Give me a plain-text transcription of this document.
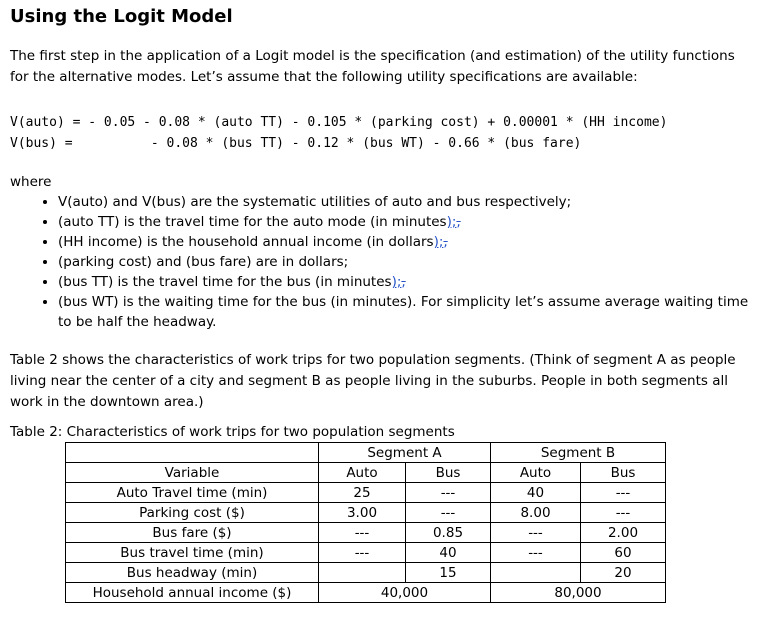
Using the Logit Model

The first step in the application of a Logit model is the specification (and estimation) of the utility functions for the alternative modes. Let’s assume that the following utility specifications are available:

V(auto) = - 0.05 - 0.08 * (auto TT) - 0.105 * (parking cost) + 0.00001 * (HH income)
V(bus) =          - 0.08 * (bus TT) - 0.12 * (bus WT) - 0.66 * (bus fare)
where
• V(auto) and V(bus) are the systematic utilities of auto and bus respectively;
• (auto TT) is the travel time for the auto mode (in minutes);,
• (HH income) is the household annual income (in dollars);,
• (parking cost) and (bus fare) are in dollars;
• (bus TT) is the travel time for the bus (in minutes);,
• (bus WT) is the waiting time for the bus (in minutes). For simplicity let’s assume average waiting time to be half the headway.

Table 2 shows the characteristics of work trips for two population segments. (Think of segment A as people living near the center of a city and segment B as people living in the suburbs. People in both segments all work in the downtown area.)

Table 2: Characteristics of work trips for two population segments
	Segment A		Segment B	
Variable	Auto	Bus	Auto	Bus
Auto Travel time (min)	25	---	40	---
Parking cost ($)	3.00	---	8.00	---
Bus fare ($)	---	0.85	---	2.00
Bus travel time (min)	---	40	---	60
Bus headway (min)		15		20
Household annual income ($)	40,000		80,000	
